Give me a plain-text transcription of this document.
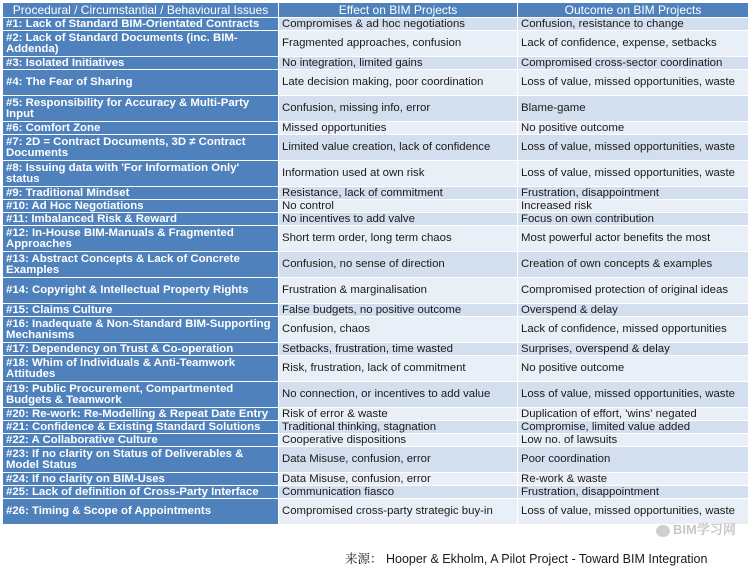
Procedural / Circumstantial / Behavioural Issues	Effect on BIM Projects	Outcome on BIM Projects
#1: Lack of Standard BIM-Orientated Contracts	Compromises & ad hoc negotiations	Confusion, resistance to change
#2: Lack of Standard Documents (inc. BIM-Addenda)	Fragmented approaches, confusion	Lack of confidence, expense, setbacks
#3: Isolated Initiatives	No integration, limited gains	Compromised cross-sector coordination
#4: The Fear of Sharing	Late decision making, poor coordination	Loss of value, missed opportunities, waste
#5: Responsibility for Accuracy & Multi-Party Input	Confusion, missing info, error	Blame-game
#6: Comfort Zone	Missed opportunities	No positive outcome
#7: 2D = Contract Documents, 3D ≠ Contract Documents	Limited value creation, lack of confidence	Loss of value, missed opportunities, waste
#8: Issuing data with 'For Information Only' status	Information used at own risk	Loss of value, missed opportunities, waste
#9: Traditional Mindset	Resistance, lack of commitment	Frustration, disappointment
#10: Ad Hoc Negotiations	No control	Increased risk
#11: Imbalanced Risk & Reward	No incentives to add valve	Focus on own contribution
#12: In-House BIM-Manuals & Fragmented Approaches	Short term order, long term chaos	Most powerful actor benefits the most
#13: Abstract Concepts & Lack of Concrete Examples	Confusion, no sense of direction	Creation of own concepts & examples
#14: Copyright & Intellectual Property Rights	Frustration & marginalisation	Compromised protection of original ideas
#15: Claims Culture	False budgets, no positive outcome	Overspend & delay
#16: Inadequate & Non-Standard BIM-Supporting Mechanisms	Confusion, chaos	Lack of confidence, missed opportunities
#17: Dependency on Trust & Co-operation	Setbacks, frustration, time wasted	Surprises, overspend & delay
#18: Whim of Individuals & Anti-Teamwork Attitudes	Risk, frustration, lack of commitment	No positive outcome
#19: Public Procurement, Compartmented Budgets & Teamwork	No connection, or incentives to add value	Loss of value, missed opportunities, waste
#20: Re-work: Re-Modelling & Repeat Date Entry	Risk of error & waste	Duplication of effort, 'wins' negated
#21: Confidence & Existing Standard Solutions	Traditional thinking, stagnation	Compromise, limited value added
#22: A Collaborative Culture	Cooperative dispositions	Low no. of lawsuits
#23: If no clarity on Status of Deliverables & Model Status	Data Misuse, confusion, error	Poor coordination
#24: If no clarity on BIM-Uses	Data Misuse, confusion, error	Re-work & waste
#25: Lack of definition of Cross-Party Interface	Communication fiasco	Frustration, disappointment
#26: Timing & Scope of Appointments	Compromised cross-party strategic buy-in	Loss of value, missed opportunities, waste
BIM学习网
来源： Hooper & Ekholm, A Pilot Project - Toward BIM Integration
